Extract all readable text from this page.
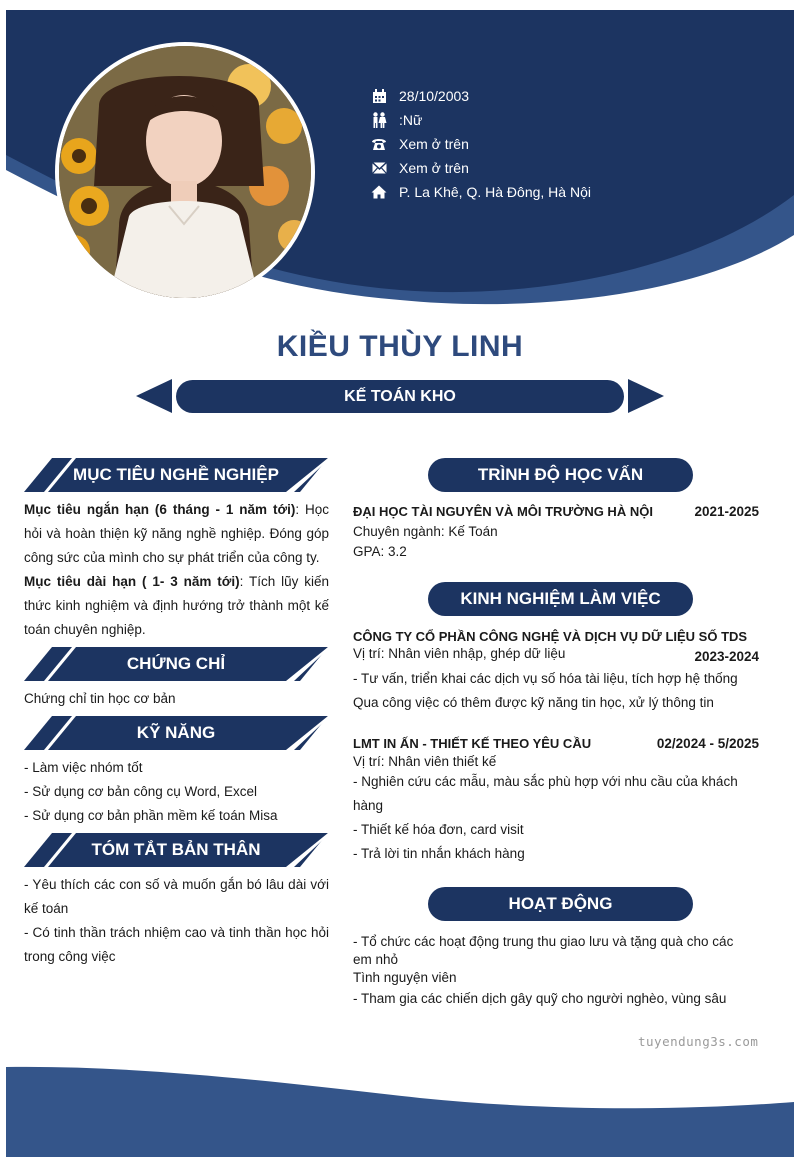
28/10/2003
:Nữ
Xem ở trên
Xem ở trên
P. La Khê, Q. Hà Đông, Hà Nội
KIỀU THÙY LINH
KẾ TOÁN KHO
MỤC TIÊU NGHỀ NGHIỆP
Mục tiêu ngắn hạn (6 tháng - 1 năm tới): Học hỏi và hoàn thiện kỹ năng nghề nghiệp. Đóng góp công sức của mình cho sự phát triển của công ty.
Mục tiêu dài hạn ( 1- 3 năm tới): Tích lũy kiến thức kinh nghiệm và định hướng trở thành một kế toán chuyên nghiệp.
CHỨNG CHỈ
Chứng chỉ tin học cơ bản
KỸ NĂNG
- Làm việc nhóm tốt
- Sử dụng cơ bản công cụ Word, Excel
- Sử dụng cơ bản phần mềm kế toán Misa
TÓM TẮT BẢN THÂN
- Yêu thích các con số và muốn gắn bó lâu dài với kế toán
- Có tinh thần trách nhiệm cao và tinh thần học hỏi trong công việc
TRÌNH ĐỘ HỌC VẤN
ĐẠI HỌC TÀI NGUYÊN VÀ MÔI TRƯỜNG HÀ NỘI	2021-2025
Chuyên ngành: Kế Toán
GPA: 3.2
KINH NGHIỆM LÀM VIỆC
CÔNG TY CỔ PHẦN CÔNG NGHỆ VÀ DỊCH VỤ DỮ LIỆU SỐ TDS
Vị trí: Nhân viên nhập, ghép dữ liệu	2023-2024
- Tư vấn, triển khai các dịch vụ số hóa tài liệu, tích hợp hệ thống
Qua công việc có thêm được kỹ năng tin học, xử lý thông tin
LMT IN ẤN - THIẾT KẾ THEO YÊU CẦU	02/2024 - 5/2025
Vị trí: Nhân viên thiết kế
- Nghiên cứu các mẫu, màu sắc phù hợp với nhu cầu của khách hàng
- Thiết kế hóa đơn, card visit
- Trả lời tin nhắn khách hàng
HOẠT ĐỘNG
- Tổ chức các hoạt động trung thu giao lưu và tặng quà cho các em nhỏ
Tình nguyện viên
- Tham gia các chiến dịch gây quỹ cho người nghèo, vùng sâu
tuyendung3s.com
